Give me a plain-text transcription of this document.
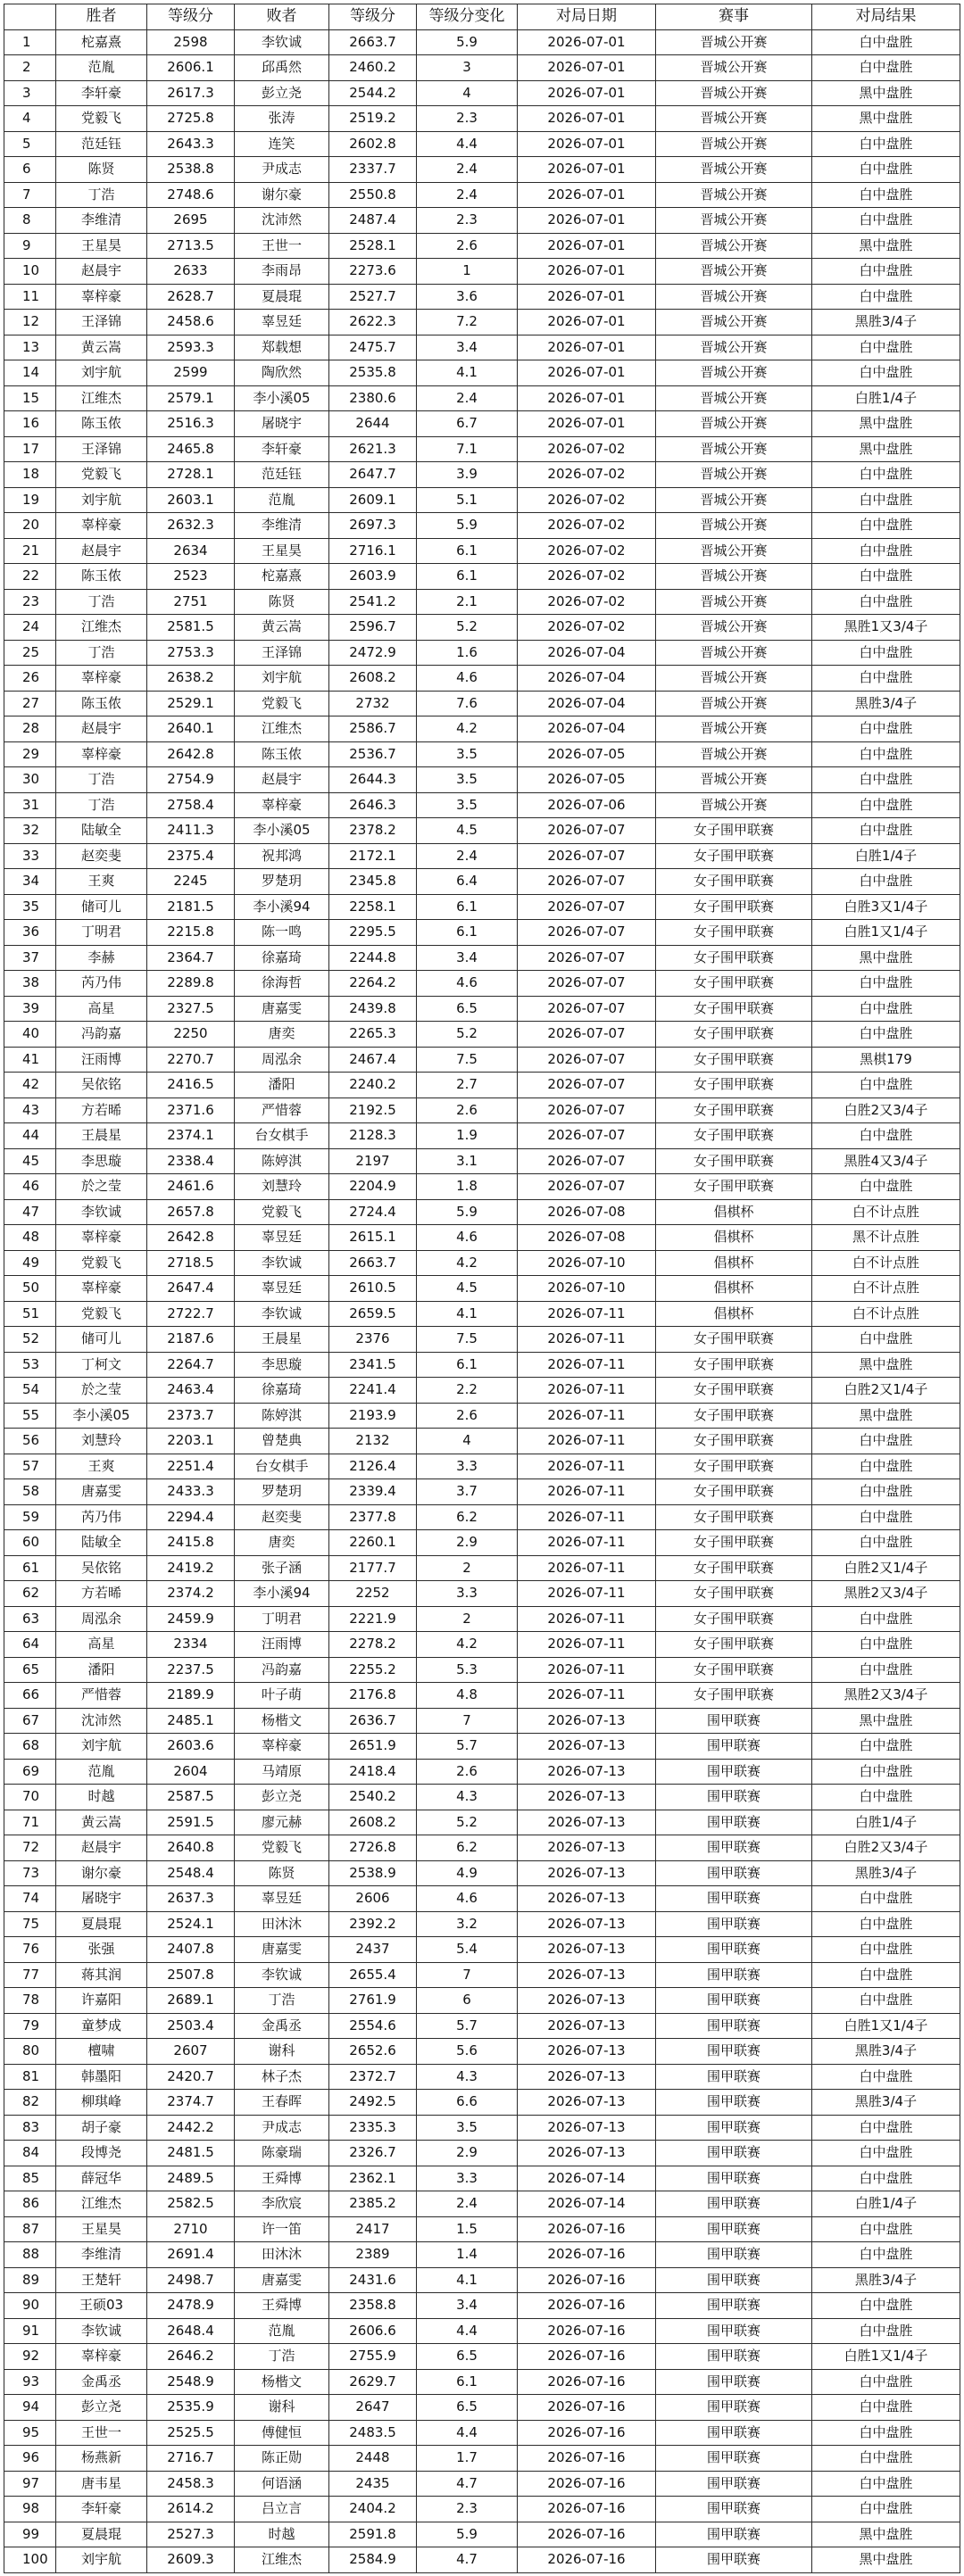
	胜者	等级分	败者	等级分	等级分变化	对局日期	赛事	对局结果
1	柁嘉熹	2598	李钦诚	2663.7	5.9	2026-07-01	晋城公开赛	白中盘胜
2	范胤	2606.1	邱禹然	2460.2	3	2026-07-01	晋城公开赛	白中盘胜
3	李轩豪	2617.3	彭立尧	2544.2	4	2026-07-01	晋城公开赛	黑中盘胜
4	党毅飞	2725.8	张涛	2519.2	2.3	2026-07-01	晋城公开赛	黑中盘胜
5	范廷钰	2643.3	连笑	2602.8	4.4	2026-07-01	晋城公开赛	白中盘胜
6	陈贤	2538.8	尹成志	2337.7	2.4	2026-07-01	晋城公开赛	白中盘胜
7	丁浩	2748.6	谢尔豪	2550.8	2.4	2026-07-01	晋城公开赛	白中盘胜
8	李维清	2695	沈沛然	2487.4	2.3	2026-07-01	晋城公开赛	白中盘胜
9	王星昊	2713.5	王世一	2528.1	2.6	2026-07-01	晋城公开赛	黑中盘胜
10	赵晨宇	2633	李雨昂	2273.6	1	2026-07-01	晋城公开赛	白中盘胜
11	辜梓豪	2628.7	夏晨琨	2527.7	3.6	2026-07-01	晋城公开赛	白中盘胜
12	王泽锦	2458.6	辜昱廷	2622.3	7.2	2026-07-01	晋城公开赛	黑胜3/4子
13	黄云嵩	2593.3	郑载想	2475.7	3.4	2026-07-01	晋城公开赛	白中盘胜
14	刘宇航	2599	陶欣然	2535.8	4.1	2026-07-01	晋城公开赛	白中盘胜
15	江维杰	2579.1	李小溪05	2380.6	2.4	2026-07-01	晋城公开赛	白胜1/4子
16	陈玉侬	2516.3	屠晓宇	2644	6.7	2026-07-01	晋城公开赛	黑中盘胜
17	王泽锦	2465.8	李轩豪	2621.3	7.1	2026-07-02	晋城公开赛	黑中盘胜
18	党毅飞	2728.1	范廷钰	2647.7	3.9	2026-07-02	晋城公开赛	白中盘胜
19	刘宇航	2603.1	范胤	2609.1	5.1	2026-07-02	晋城公开赛	白中盘胜
20	辜梓豪	2632.3	李维清	2697.3	5.9	2026-07-02	晋城公开赛	白中盘胜
21	赵晨宇	2634	王星昊	2716.1	6.1	2026-07-02	晋城公开赛	白中盘胜
22	陈玉侬	2523	柁嘉熹	2603.9	6.1	2026-07-02	晋城公开赛	白中盘胜
23	丁浩	2751	陈贤	2541.2	2.1	2026-07-02	晋城公开赛	白中盘胜
24	江维杰	2581.5	黄云嵩	2596.7	5.2	2026-07-02	晋城公开赛	黑胜1又3/4子
25	丁浩	2753.3	王泽锦	2472.9	1.6	2026-07-04	晋城公开赛	白中盘胜
26	辜梓豪	2638.2	刘宇航	2608.2	4.6	2026-07-04	晋城公开赛	白中盘胜
27	陈玉侬	2529.1	党毅飞	2732	7.6	2026-07-04	晋城公开赛	黑胜3/4子
28	赵晨宇	2640.1	江维杰	2586.7	4.2	2026-07-04	晋城公开赛	白中盘胜
29	辜梓豪	2642.8	陈玉侬	2536.7	3.5	2026-07-05	晋城公开赛	白中盘胜
30	丁浩	2754.9	赵晨宇	2644.3	3.5	2026-07-05	晋城公开赛	白中盘胜
31	丁浩	2758.4	辜梓豪	2646.3	3.5	2026-07-06	晋城公开赛	白中盘胜
32	陆敏全	2411.3	李小溪05	2378.2	4.5	2026-07-07	女子围甲联赛	白中盘胜
33	赵奕斐	2375.4	祝邦鸿	2172.1	2.4	2026-07-07	女子围甲联赛	白胜1/4子
34	王爽	2245	罗楚玥	2345.8	6.4	2026-07-07	女子围甲联赛	白中盘胜
35	储可儿	2181.5	李小溪94	2258.1	6.1	2026-07-07	女子围甲联赛	白胜3又1/4子
36	丁明君	2215.8	陈一鸣	2295.5	6.1	2026-07-07	女子围甲联赛	白胜1又1/4子
37	李赫	2364.7	徐嘉琦	2244.8	3.4	2026-07-07	女子围甲联赛	黑中盘胜
38	芮乃伟	2289.8	徐海哲	2264.2	4.6	2026-07-07	女子围甲联赛	白中盘胜
39	高星	2327.5	唐嘉雯	2439.8	6.5	2026-07-07	女子围甲联赛	白中盘胜
40	冯韵嘉	2250	唐奕	2265.3	5.2	2026-07-07	女子围甲联赛	白中盘胜
41	汪雨博	2270.7	周泓余	2467.4	7.5	2026-07-07	女子围甲联赛	黑棋179
42	吴依铭	2416.5	潘阳	2240.2	2.7	2026-07-07	女子围甲联赛	白中盘胜
43	方若晞	2371.6	严惜蓉	2192.5	2.6	2026-07-07	女子围甲联赛	白胜2又3/4子
44	王晨星	2374.1	台女棋手	2128.3	1.9	2026-07-07	女子围甲联赛	白中盘胜
45	李思璇	2338.4	陈婷淇	2197	3.1	2026-07-07	女子围甲联赛	黑胜4又3/4子
46	於之莹	2461.6	刘慧玲	2204.9	1.8	2026-07-07	女子围甲联赛	白中盘胜
47	李钦诚	2657.8	党毅飞	2724.4	5.9	2026-07-08	倡棋杯	白不计点胜
48	辜梓豪	2642.8	辜昱廷	2615.1	4.6	2026-07-08	倡棋杯	黑不计点胜
49	党毅飞	2718.5	李钦诚	2663.7	4.2	2026-07-10	倡棋杯	白不计点胜
50	辜梓豪	2647.4	辜昱廷	2610.5	4.5	2026-07-10	倡棋杯	白不计点胜
51	党毅飞	2722.7	李钦诚	2659.5	4.1	2026-07-11	倡棋杯	白不计点胜
52	储可儿	2187.6	王晨星	2376	7.5	2026-07-11	女子围甲联赛	白中盘胜
53	丁柯文	2264.7	李思璇	2341.5	6.1	2026-07-11	女子围甲联赛	黑中盘胜
54	於之莹	2463.4	徐嘉琦	2241.4	2.2	2026-07-11	女子围甲联赛	白胜2又1/4子
55	李小溪05	2373.7	陈婷淇	2193.9	2.6	2026-07-11	女子围甲联赛	黑中盘胜
56	刘慧玲	2203.1	曾楚典	2132	4	2026-07-11	女子围甲联赛	白中盘胜
57	王爽	2251.4	台女棋手	2126.4	3.3	2026-07-11	女子围甲联赛	白中盘胜
58	唐嘉雯	2433.3	罗楚玥	2339.4	3.7	2026-07-11	女子围甲联赛	白中盘胜
59	芮乃伟	2294.4	赵奕斐	2377.8	6.2	2026-07-11	女子围甲联赛	白中盘胜
60	陆敏全	2415.8	唐奕	2260.1	2.9	2026-07-11	女子围甲联赛	白中盘胜
61	吴依铭	2419.2	张子涵	2177.7	2	2026-07-11	女子围甲联赛	白胜2又1/4子
62	方若晞	2374.2	李小溪94	2252	3.3	2026-07-11	女子围甲联赛	黑胜2又3/4子
63	周泓余	2459.9	丁明君	2221.9	2	2026-07-11	女子围甲联赛	白中盘胜
64	高星	2334	汪雨博	2278.2	4.2	2026-07-11	女子围甲联赛	白中盘胜
65	潘阳	2237.5	冯韵嘉	2255.2	5.3	2026-07-11	女子围甲联赛	白中盘胜
66	严惜蓉	2189.9	叶子萌	2176.8	4.8	2026-07-11	女子围甲联赛	黑胜2又3/4子
67	沈沛然	2485.1	杨楷文	2636.7	7	2026-07-13	围甲联赛	黑中盘胜
68	刘宇航	2603.6	辜梓豪	2651.9	5.7	2026-07-13	围甲联赛	白中盘胜
69	范胤	2604	马靖原	2418.4	2.6	2026-07-13	围甲联赛	白中盘胜
70	时越	2587.5	彭立尧	2540.2	4.3	2026-07-13	围甲联赛	白中盘胜
71	黄云嵩	2591.5	廖元赫	2608.2	5.2	2026-07-13	围甲联赛	白胜1/4子
72	赵晨宇	2640.8	党毅飞	2726.8	6.2	2026-07-13	围甲联赛	白胜2又3/4子
73	谢尔豪	2548.4	陈贤	2538.9	4.9	2026-07-13	围甲联赛	黑胜3/4子
74	屠晓宇	2637.3	辜昱廷	2606	4.6	2026-07-13	围甲联赛	白中盘胜
75	夏晨琨	2524.1	田沐沐	2392.2	3.2	2026-07-13	围甲联赛	白中盘胜
76	张强	2407.8	唐嘉雯	2437	5.4	2026-07-13	围甲联赛	白中盘胜
77	蒋其润	2507.8	李钦诚	2655.4	7	2026-07-13	围甲联赛	白中盘胜
78	许嘉阳	2689.1	丁浩	2761.9	6	2026-07-13	围甲联赛	白中盘胜
79	童梦成	2503.4	金禹丞	2554.6	5.7	2026-07-13	围甲联赛	白胜1又1/4子
80	檀啸	2607	谢科	2652.6	5.6	2026-07-13	围甲联赛	黑胜3/4子
81	韩墨阳	2420.7	林子杰	2372.7	4.3	2026-07-13	围甲联赛	白中盘胜
82	柳琪峰	2374.7	王春晖	2492.5	6.6	2026-07-13	围甲联赛	黑胜3/4子
83	胡子豪	2442.2	尹成志	2335.3	3.5	2026-07-13	围甲联赛	白中盘胜
84	段博尧	2481.5	陈豪瑞	2326.7	2.9	2026-07-13	围甲联赛	白中盘胜
85	薛冠华	2489.5	王舜博	2362.1	3.3	2026-07-14	围甲联赛	白中盘胜
86	江维杰	2582.5	李欣宸	2385.2	2.4	2026-07-14	围甲联赛	白胜1/4子
87	王星昊	2710	许一笛	2417	1.5	2026-07-16	围甲联赛	白中盘胜
88	李维清	2691.4	田沐沐	2389	1.4	2026-07-16	围甲联赛	白中盘胜
89	王楚轩	2498.7	唐嘉雯	2431.6	4.1	2026-07-16	围甲联赛	黑胜3/4子
90	王硕03	2478.9	王舜博	2358.8	3.4	2026-07-16	围甲联赛	白中盘胜
91	李钦诚	2648.4	范胤	2606.6	4.4	2026-07-16	围甲联赛	白中盘胜
92	辜梓豪	2646.2	丁浩	2755.9	6.5	2026-07-16	围甲联赛	白胜1又1/4子
93	金禹丞	2548.9	杨楷文	2629.7	6.1	2026-07-16	围甲联赛	白中盘胜
94	彭立尧	2535.9	谢科	2647	6.5	2026-07-16	围甲联赛	白中盘胜
95	王世一	2525.5	傅健恒	2483.5	4.4	2026-07-16	围甲联赛	白中盘胜
96	杨燕新	2716.7	陈正勋	2448	1.7	2026-07-16	围甲联赛	白中盘胜
97	唐韦星	2458.3	何语涵	2435	4.7	2026-07-16	围甲联赛	白中盘胜
98	李轩豪	2614.2	吕立言	2404.2	2.3	2026-07-16	围甲联赛	白中盘胜
99	夏晨琨	2527.3	时越	2591.8	5.9	2026-07-16	围甲联赛	黑中盘胜
100	刘宇航	2609.3	江维杰	2584.9	4.7	2026-07-16	围甲联赛	黑中盘胜
